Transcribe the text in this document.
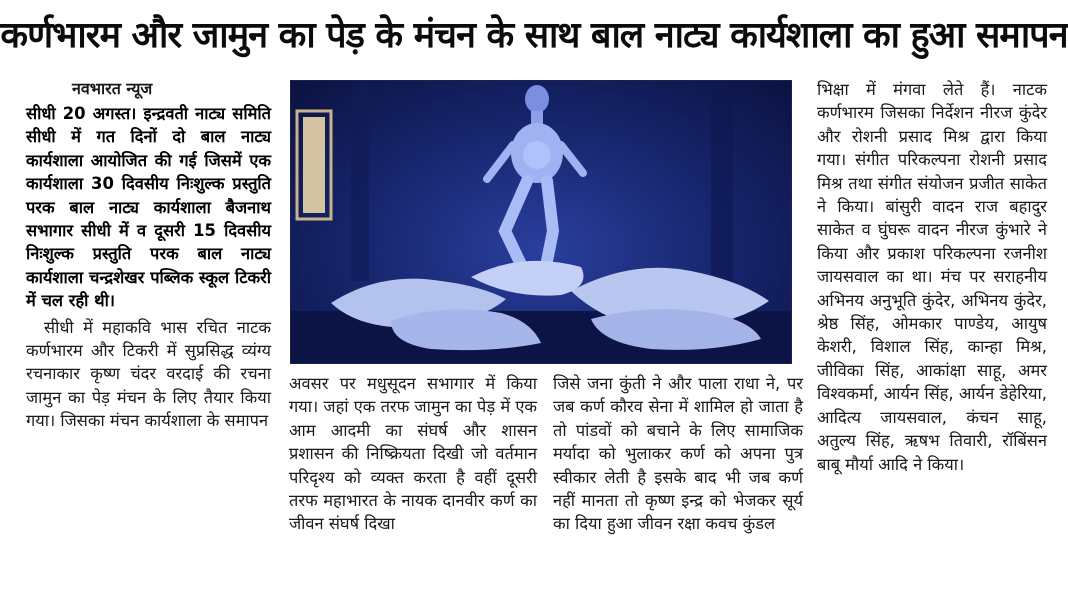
कर्णभारम और जामुन का पेड़ के मंचन के साथ बाल नाट्य कार्यशाला का हुआ समापन

नवभारत न्यूज

सीधी 20 अगस्त। इन्द्रवती नाट्य समिति सीधी में गत दिनों दो बाल नाट्य कार्यशाला आयोजित की गई जिसमें एक कार्यशाला 30 दिवसीय निःशुल्क प्रस्तुति परक बाल नाट्य कार्यशाला बैजनाथ सभागार सीधी में व दूसरी 15 दिवसीय निःशुल्क प्रस्तुति परक बाल नाट्य कार्यशाला चन्द्रशेखर पब्लिक स्कूल टिकरी में चल रही थी।

सीधी में महाकवि भास रचित नाटक कर्णभारम और टिकरी में सुप्रसिद्ध व्यंग्य रचनाकार कृष्ण चंदर वरदाई की रचना जामुन का पेड़ मंचन के लिए तैयार किया गया। जिसका मंचन कार्यशाला के समापन

अवसर पर मधुसूदन सभागार में किया गया। जहां एक तरफ जामुन का पेड़ में एक आम आदमी का संघर्ष और शासन प्रशासन की निष्क्रियता दिखी जो वर्तमान परिदृश्य को व्यक्त करता है वहीं दूसरी तरफ महाभारत के नायक दानवीर कर्ण का जीवन संघर्ष दिखा

जिसे जना कुंती ने और पाला राधा ने, पर जब कर्ण कौरव सेना में शामिल हो जाता है तो पांडवों को बचाने के लिए सामाजिक मर्यादा को भुलाकर कर्ण को अपना पुत्र स्वीकार लेती है इसके बाद भी जब कर्ण नहीं मानता तो कृष्ण इन्द्र को भेजकर सूर्य का दिया हुआ जीवन रक्षा कवच कुंडल

भिक्षा में मंगवा लेते हैं। नाटक कर्णभारम जिसका निर्देशन नीरज कुंदेर और रोशनी प्रसाद मिश्र द्वारा किया गया। संगीत परिकल्पना रोशनी प्रसाद मिश्र तथा संगीत संयोजन प्रजीत साकेत ने किया। बांसुरी वादन राज बहादुर साकेत व घुंघरू वादन नीरज कुंभारे ने किया और प्रकाश परिकल्पना रजनीश जायसवाल का था। मंच पर सराहनीय अभिनय अनुभूति कुंदेर, अभिनय कुंदेर, श्रेष्ठ सिंह, ओमकार पाण्डेय, आयुष केशरी, विशाल सिंह, कान्हा मिश्र, जीविका सिंह, आकांक्षा साहू, अमर विश्वकर्मा, आर्यन सिंह, आर्यन डेहेरिया, आदित्य जायसवाल, कंचन साहू, अतुल्य सिंह, ऋषभ तिवारी, रॉबिंसन बाबू मौर्या आदि ने किया।
